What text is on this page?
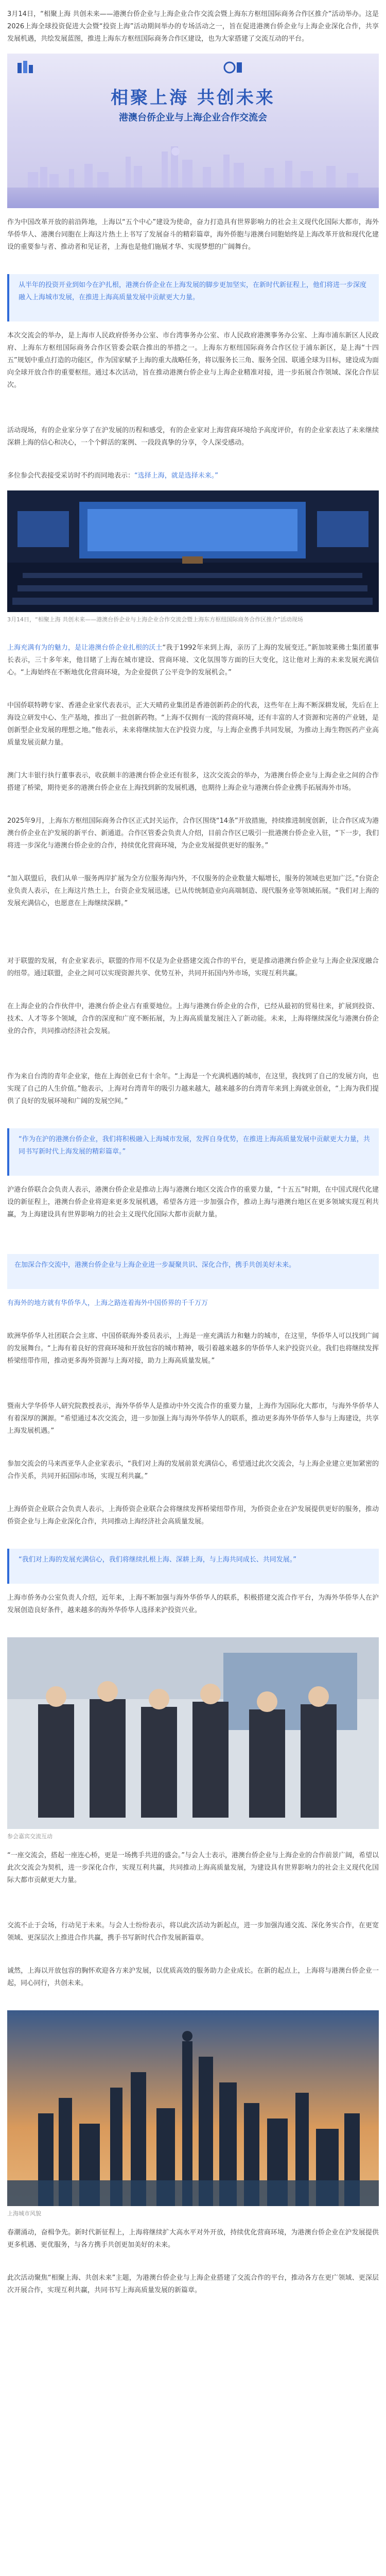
3月14日，“相聚上海 共创未来——港澳台侨企业与上海企业合作交流会暨上海东方枢纽国际商务合作区推介”活动举办。这是2026上海全球投资促进大会暨“投资上海”活动期间举办的专场活动之一，旨在促进港澳台侨企业与上海企业深化合作，共享发展机遇，共绘发展蓝图，推进上海东方枢纽国际商务合作区建设，也为大家搭建了交流互动的平台。

相聚上海 共创未来
港澳台侨企业与上海企业合作交流会

作为中国改革开放的前沿阵地，上海以“五个中心”建设为使命，奋力打造具有世界影响力的社会主义现代化国际大都市，海外华侨华人、港澳台同胞在上海这片热土上书写了发展奋斗的精彩篇章，海外侨胞与港澳台同胞始终是上海改革开放和现代化建设的重要参与者、推动者和见证者，上海也是他们施展才华、实现梦想的广阔舞台。

从半年的投资开业到如今在沪扎根，港澳台侨企业在上海发展的脚步更加坚实，在新时代新征程上，他们将进一步深度融入上海城市发展，在推进上海高质量发展中贡献更大力量。

本次交流会的举办，是上海市人民政府侨务办公室、市台湾事务办公室、市人民政府港澳事务办公室、上海市浦东新区人民政府、上海东方枢纽国际商务合作区管委会联合推出的举措之一。上海东方枢纽国际商务合作区位于浦东新区，是上海“十四五”规划中重点打造的功能区，作为国家赋予上海的重大战略任务，将以服务长三角、服务全国、联通全球为目标，建设成为面向全球开放合作的重要枢纽。通过本次活动，旨在推动港澳台侨企业与上海企业精准对接，进一步拓展合作领域、深化合作层次。

活动现场，有的企业家分享了在沪发展的历程和感受，有的企业家对上海营商环境给予高度评价，有的企业家表达了未来继续深耕上海的信心和决心，一个个鲜活的案例、一段段真挚的分享，令人深受感动。

多位参会代表接受采访时不约而同地表示：“选择上海，就是选择未来。”

3月14日，“相聚上海 共创未来——港澳台侨企业与上海企业合作交流会暨上海东方枢纽国际商务合作区推介”活动现场

上海充满有为的魅力，是让港澳台侨企业扎根的沃土“我于1992年来到上海，亲历了上海的发展变迁。”新加坡莱佛士集团董事长表示，三十多年来，他目睹了上海在城市建设、营商环境、文化氛围等方面的巨大变化，这让他对上海的未来发展充满信心。“上海始终在不断地优化营商环境，为企业提供了公平竞争的发展机会。”

中国侨联特聘专家、香港企业家代表表示，正大天晴药业集团是香港创新药企的代表，这些年在上海不断深耕发展，先后在上海设立研发中心、生产基地，推出了一批创新药物。“上海不仅拥有一流的营商环境，还有丰富的人才资源和完善的产业链，是创新型企业发展的理想之地。”他表示，未来将继续加大在沪投资力度，与上海企业携手共同发展，为推动上海生物医药产业高质量发展贡献力量。

澳门大丰银行执行董事表示，收获颇丰的港澳台侨企业还有很多，这次交流会的举办，为港澳台侨企业与上海企业之间的合作搭建了桥梁，期待更多的港澳台侨企业在上海找到新的发展机遇，也期待上海企业与港澳台侨企业携手拓展海外市场。

2025年9月，上海东方枢纽国际商务合作区正式封关运作，合作区围绕“14条”开放措施，持续推进制度创新，让合作区成为港澳台侨企业在沪发展的新平台、新通道。合作区管委会负责人介绍，目前合作区已吸引一批港澳台侨企业入驻，“下一步，我们将进一步深化与港澳台侨企业的合作，持续优化营商环境，为企业发展提供更好的服务。”

“加入联盟后，我们从单一服务两岸扩展为全方位服务海内外，不仅服务的企业数量大幅增长，服务的领域也更加广泛。”台资企业负责人表示，在上海这片热土上，台资企业发展迅速，已从传统制造业向高端制造、现代服务业等领域拓展。“我们对上海的发展充满信心，也愿意在上海继续深耕。”

对于联盟的发展，有企业家表示，联盟的作用不仅是为企业搭建交流合作的平台，更是推动港澳台侨企业与上海企业深度融合的纽带。通过联盟，企业之间可以实现资源共享、优势互补，共同开拓国内外市场，实现互利共赢。

在上海企业的合作伙伴中，港澳台侨企业占有重要地位。上海与港澳台侨企业的合作，已经从最初的贸易往来，扩展到投资、技术、人才等多个领域，合作的深度和广度不断拓展，为上海高质量发展注入了新动能。未来，上海将继续深化与港澳台侨企业的合作，共同推动经济社会发展。

作为来自台湾的青年企业家，他在上海创业已有十余年。“上海是一个充满机遇的城市，在这里，我找到了自己的发展方向，也实现了自己的人生价值。”他表示，上海对台湾青年的吸引力越来越大，越来越多的台湾青年来到上海就业创业，“上海为我们提供了良好的发展环境和广阔的发展空间。”

“作为在沪的港澳台侨企业，我们将积极融入上海城市发展，发挥自身优势，在推进上海高质量发展中贡献更大力量，共同书写新时代上海发展的精彩篇章。”

沪港台侨联合会负责人表示，港澳台侨企业是推动上海与港澳台地区交流合作的重要力量，“十五五”时期，在中国式现代化建设的新征程上，港澳台侨企业将迎来更多发展机遇，希望各方进一步加强合作，推动上海与港澳台地区在更多领域实现互利共赢，为上海建设具有世界影响力的社会主义现代化国际大都市贡献力量。

在加深合作交流中，港澳台侨企业与上海企业进一步凝聚共识、深化合作，携手共创美好未来。

有海外的地方就有华侨华人，上海之路连着海外中国侨界的千千万万

欧洲华侨华人社团联合会主席、中国侨联海外委员表示，上海是一座充满活力和魅力的城市，在这里，华侨华人可以找到广阔的发展舞台。“上海有着良好的营商环境和开放包容的城市精神，吸引着越来越多的华侨华人来沪投资兴业。我们也将继续发挥桥梁纽带作用，推动更多海外资源与上海对接，助力上海高质量发展。”

暨南大学华侨华人研究院教授表示，海外华侨华人是推动中外交流合作的重要力量，上海作为国际化大都市，与海外华侨华人有着深厚的渊源。“希望通过本次交流会，进一步加强上海与海外华侨华人的联系，推动更多海外华侨华人参与上海建设，共享上海发展机遇。”

参加交流会的马来西亚华人企业家表示，“我们对上海的发展前景充满信心，希望通过此次交流会，与上海企业建立更加紧密的合作关系，共同开拓国际市场，实现互利共赢。”

上海侨资企业联合会负责人表示，上海侨资企业联合会将继续发挥桥梁纽带作用，为侨资企业在沪发展提供更好的服务，推动侨资企业与上海企业深化合作，共同推动上海经济社会高质量发展。

“我们对上海的发展充满信心，我们将继续扎根上海、深耕上海，与上海共同成长、共同发展。”

上海市侨务办公室负责人介绍，近年来，上海不断加强与海外华侨华人的联系，积极搭建交流合作平台，为海外华侨华人在沪发展创造良好条件，越来越多的海外华侨华人选择来沪投资兴业。

参会嘉宾交流互动

“一座交流会，搭起一座连心桥，更是一场携手共进的盛会。”与会人士表示，港澳台侨企业与上海企业的合作前景广阔，希望以此次交流会为契机，进一步深化合作，实现互利共赢，共同推动上海高质量发展，为建设具有世界影响力的社会主义现代化国际大都市贡献更大力量。

交流不止于会场，行动见于未来。与会人士纷纷表示，将以此次活动为新起点，进一步加强沟通交流、深化务实合作，在更宽领域、更深层次上推进合作共赢，携手书写新时代合作发展新篇章。

诚然，上海以开放包容的胸怀欢迎各方来沪发展，以优质高效的服务助力企业成长。在新的起点上，上海将与港澳台侨企业一起，同心同行，共创未来。

上海城市风貌

春潮涌动，奋楫争先。新时代新征程上，上海将继续扩大高水平对外开放，持续优化营商环境，为港澳台侨企业在沪发展提供更多机遇、更优服务，与各方携手共创更加美好的未来。

此次活动聚焦“相聚上海、共创未来”主题，为港澳台侨企业与上海企业搭建了交流合作的平台，推动各方在更广领域、更深层次开展合作，实现互利共赢，共同书写上海高质量发展的新篇章。
